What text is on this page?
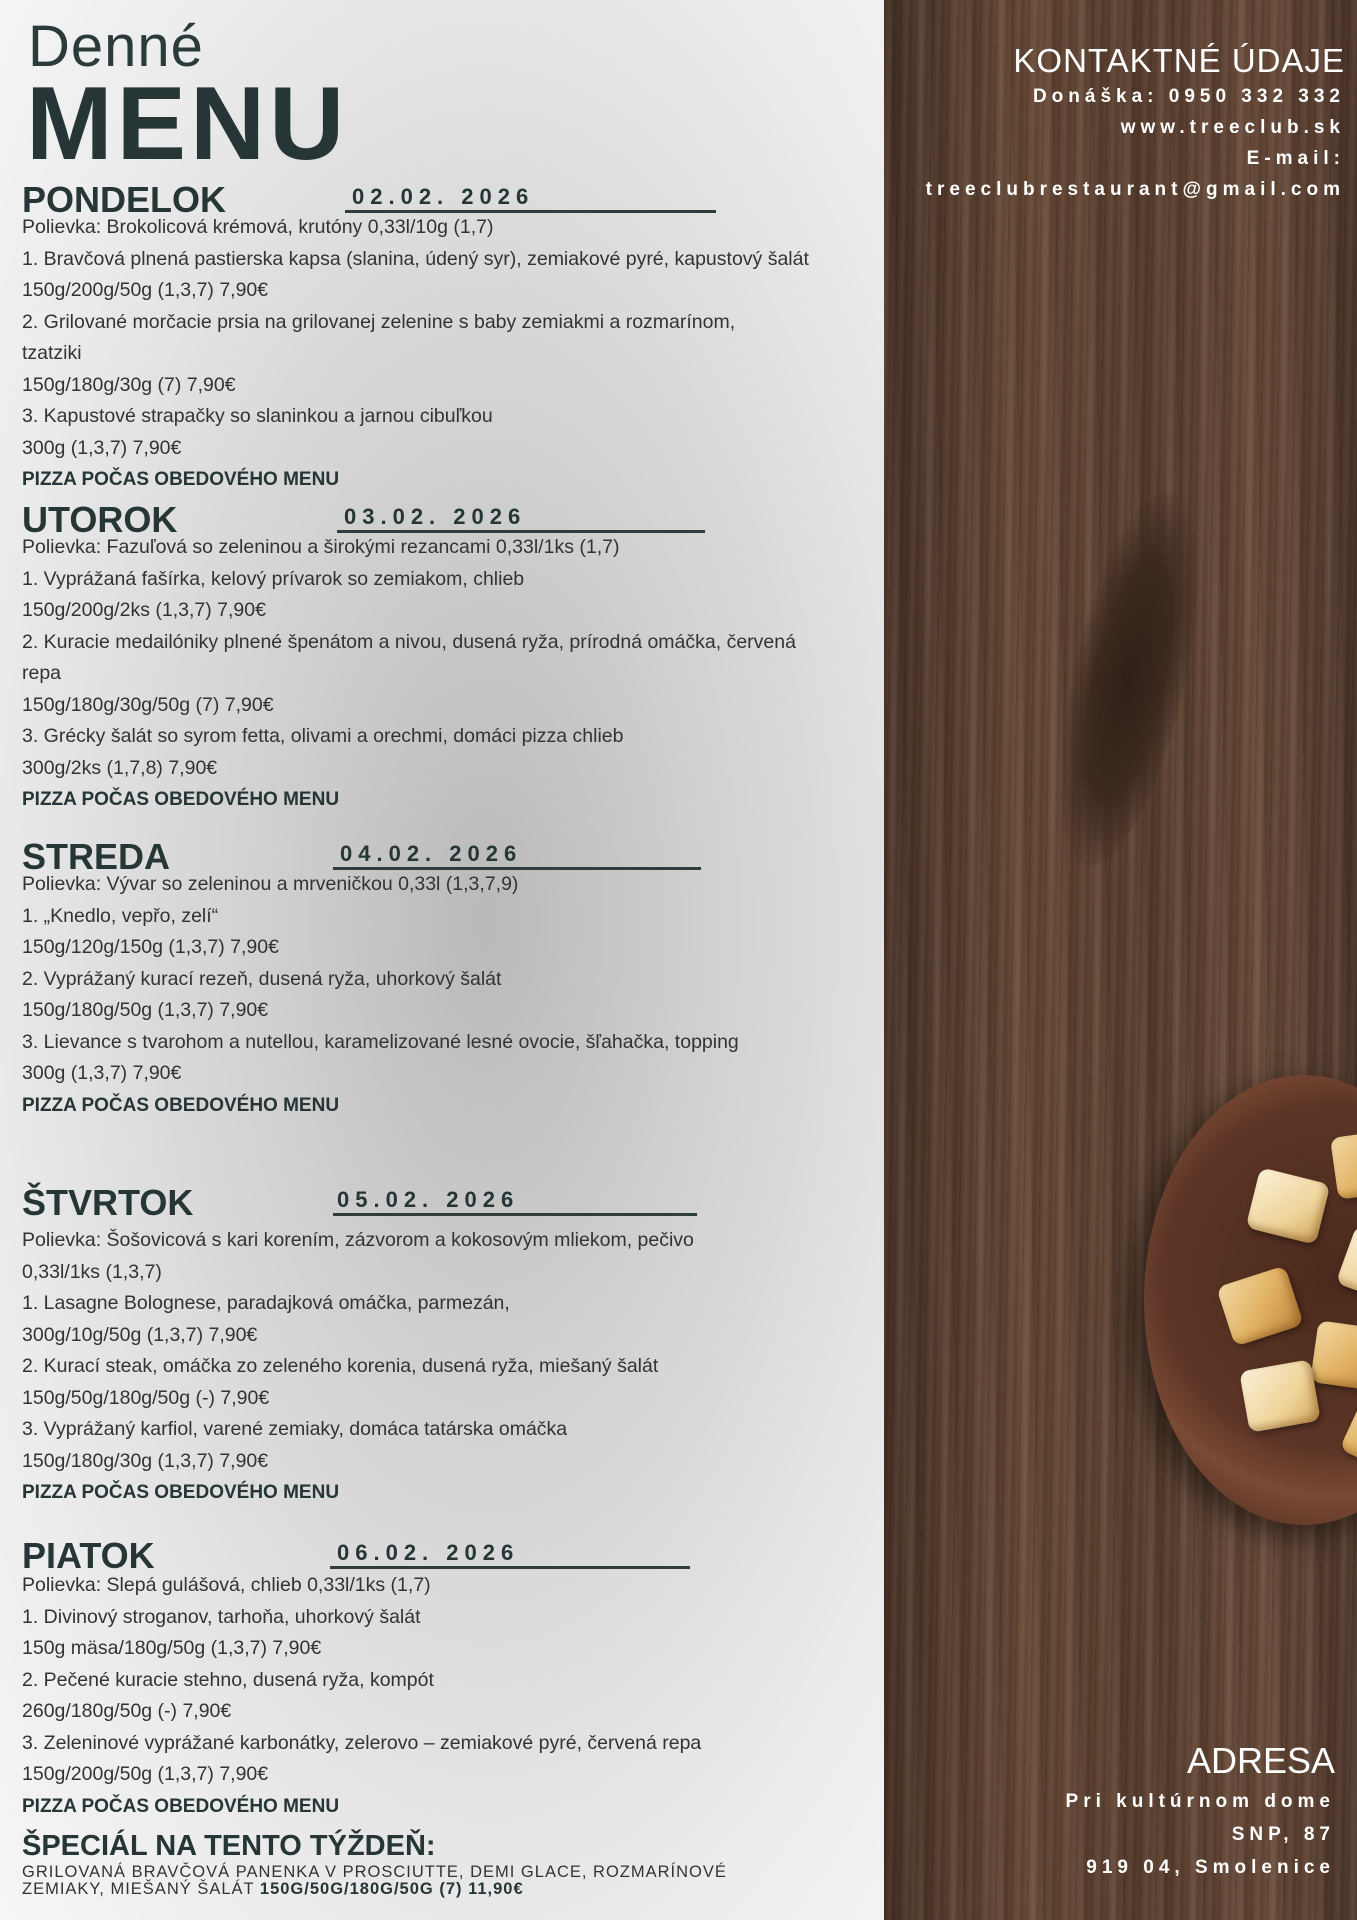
Denné
MENU
PONDELOK	02.02. 2026
Polievka: Brokolicová krémová, krutóny 0,33l/10g (1,7)
1. Bravčová plnená pastierska kapsa (slanina, údený syr), zemiakové pyré, kapustový šalát
150g/200g/50g (1,3,7) 7,90€
2. Grilované morčacie prsia na grilovanej zelenine s baby zemiakmi a rozmarínom,
tzatziki
150g/180g/30g (7) 7,90€
3. Kapustové strapačky so slaninkou a jarnou cibuľkou
300g (1,3,7) 7,90€
PIZZA POČAS OBEDOVÉHO MENU
UTOROK	03.02. 2026
Polievka: Fazuľová so zeleninou a širokými rezancami 0,33l/1ks (1,7)
1. Vyprážaná fašírka, kelový prívarok so zemiakom, chlieb
150g/200g/2ks (1,3,7) 7,90€
2. Kuracie medailóniky plnené špenátom a nivou, dusená ryža, prírodná omáčka, červená
repa
150g/180g/30g/50g (7) 7,90€
3. Grécky šalát so syrom fetta, olivami a orechmi, domáci pizza chlieb
300g/2ks (1,7,8) 7,90€
PIZZA POČAS OBEDOVÉHO MENU
STREDA	04.02. 2026
Polievka: Vývar so zeleninou a mrveničkou 0,33l (1,3,7,9)
1. „Knedlo, vepřo, zelí“
150g/120g/150g (1,3,7) 7,90€
2. Vyprážaný kurací rezeň, dusená ryža, uhorkový šalát
150g/180g/50g (1,3,7) 7,90€
3. Lievance s tvarohom a nutellou, karamelizované lesné ovocie, šľahačka, topping
300g (1,3,7) 7,90€
PIZZA POČAS OBEDOVÉHO MENU
ŠTVRTOK	05.02. 2026
Polievka: Šošovicová s kari korením, zázvorom a kokosovým mliekom, pečivo
0,33l/1ks (1,3,7)
1. Lasagne Bolognese, paradajková omáčka, parmezán,
300g/10g/50g (1,3,7) 7,90€
2. Kurací steak, omáčka zo zeleného korenia, dusená ryža, miešaný šalát
150g/50g/180g/50g (-) 7,90€
3. Vyprážaný karfiol, varené zemiaky, domáca tatárska omáčka
150g/180g/30g (1,3,7) 7,90€
PIZZA POČAS OBEDOVÉHO MENU
PIATOK	06.02. 2026
Polievka: Slepá gulášová, chlieb 0,33l/1ks (1,7)
1. Divinový stroganov, tarhoňa, uhorkový šalát
150g mäsa/180g/50g (1,3,7) 7,90€
2. Pečené kuracie stehno, dusená ryža, kompót
260g/180g/50g (-) 7,90€
3. Zeleninové vyprážané karbonátky, zelerovo – zemiakové pyré, červená repa
150g/200g/50g (1,3,7) 7,90€
PIZZA POČAS OBEDOVÉHO MENU
ŠPECIÁL NA TENTO TÝŽDEŇ:
GRILOVANÁ BRAVČOVÁ PANENKA V PROSCIUTTE, DEMI GLACE, ROZMARÍNOVÉ
ZEMIAKY, MIEŠANÝ ŠALÁT 150G/50G/180G/50G (7) 11,90€
KONTAKTNÉ ÚDAJE
Donáška: 0950 332 332
www.treeclub.sk
E-mail:
treeclubrestaurant@gmail.com
ADRESA
Pri kultúrnom dome
SNP, 87
919 04, Smolenice
